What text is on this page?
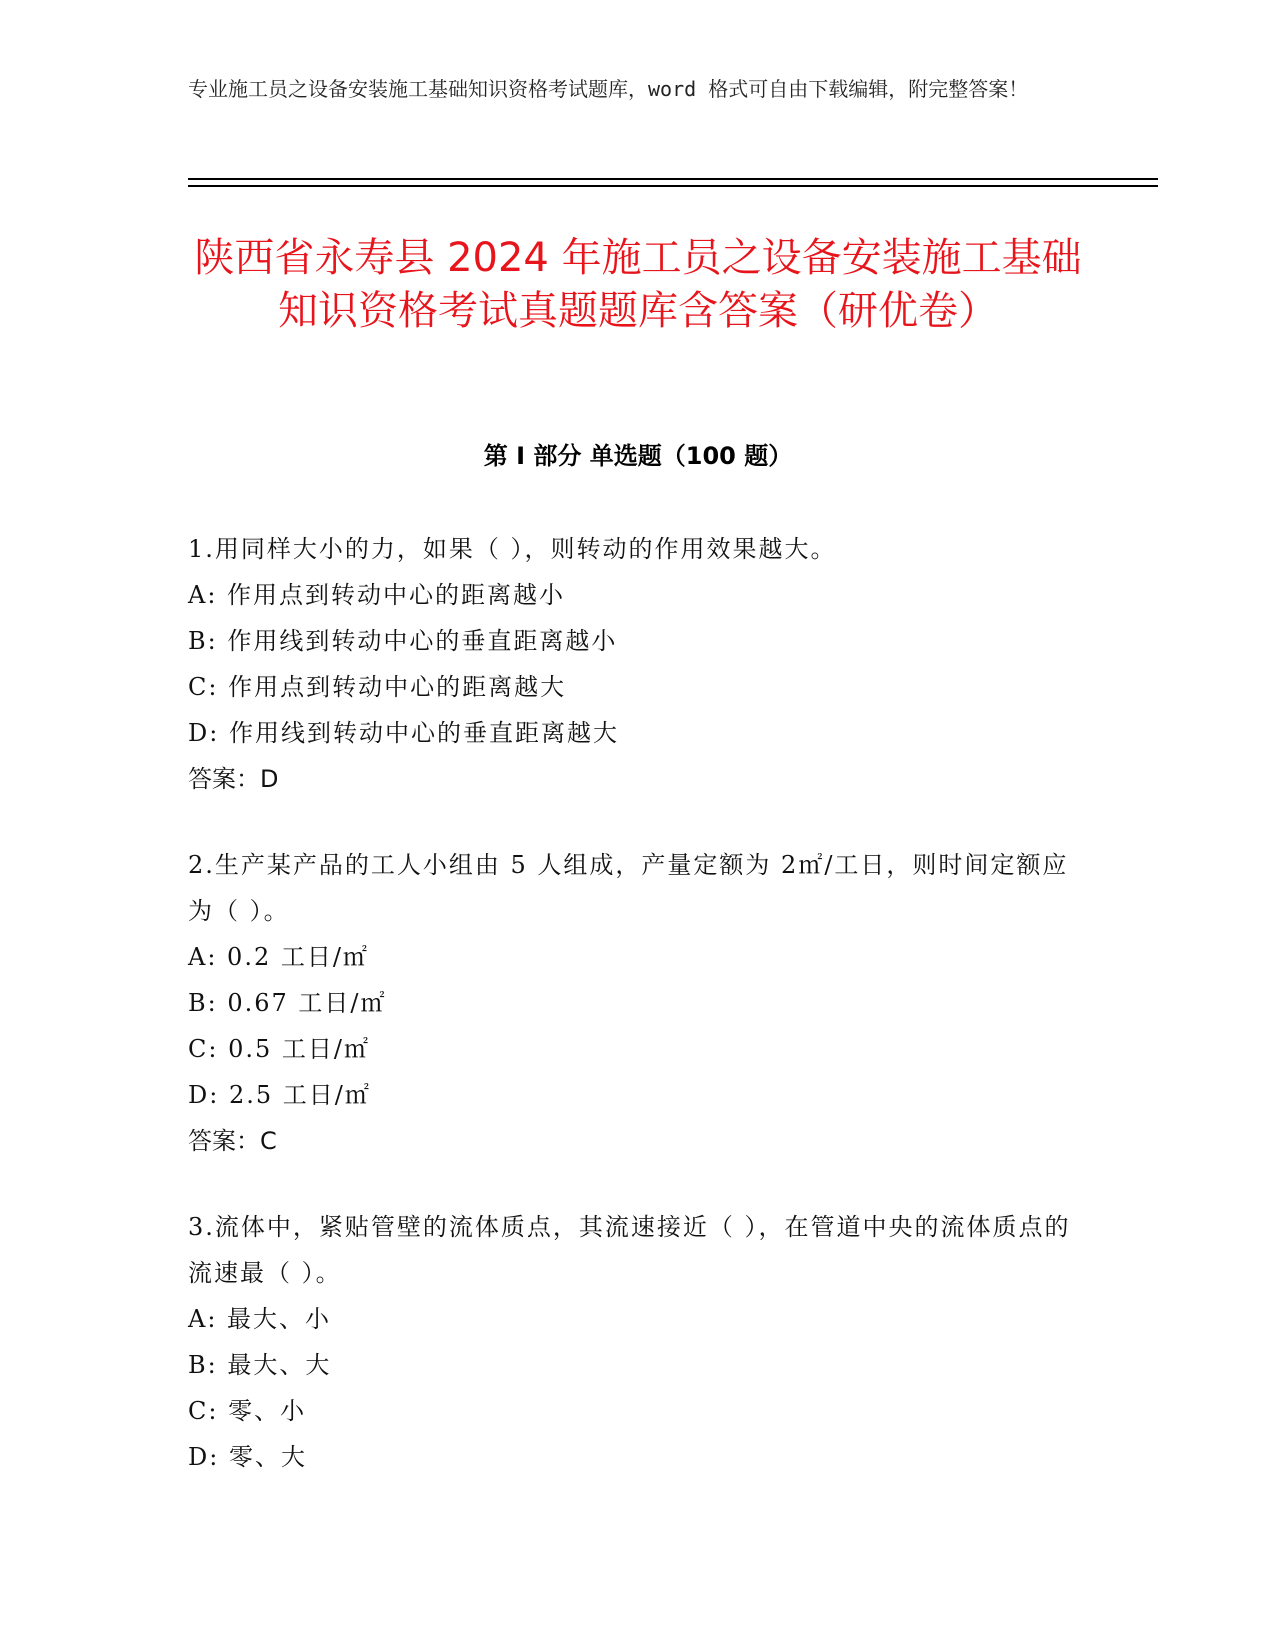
专业施工员之设备安装施工基础知识资格考试题库，word 格式可自由下载编辑，附完整答案！
陕西省永寿县 2024 年施工员之设备安装施工基础知识资格考试真题题库含答案（研优卷）
第 I 部分 单选题（100 题）

1.用同样大小的力，如果（ ），则转动的作用效果越大。

A: 作用点到转动中心的距离越小

B: 作用线到转动中心的垂直距离越小

C: 作用点到转动中心的距离越大

D: 作用线到转动中心的垂直距离越大

答案：D

2.生产某产品的工人小组由 5 人组成，产量定额为 2㎡/工日，则时间定额应为（ ）。

A: 0.2 工日/㎡

B: 0.67 工日/㎡

C: 0.5 工日/㎡

D: 2.5 工日/㎡

答案：C

3.流体中，紧贴管壁的流体质点，其流速接近（ ），在管道中央的流体质点的流速最（ ）。

A: 最大、小

B: 最大、大

C: 零、小

D: 零、大
